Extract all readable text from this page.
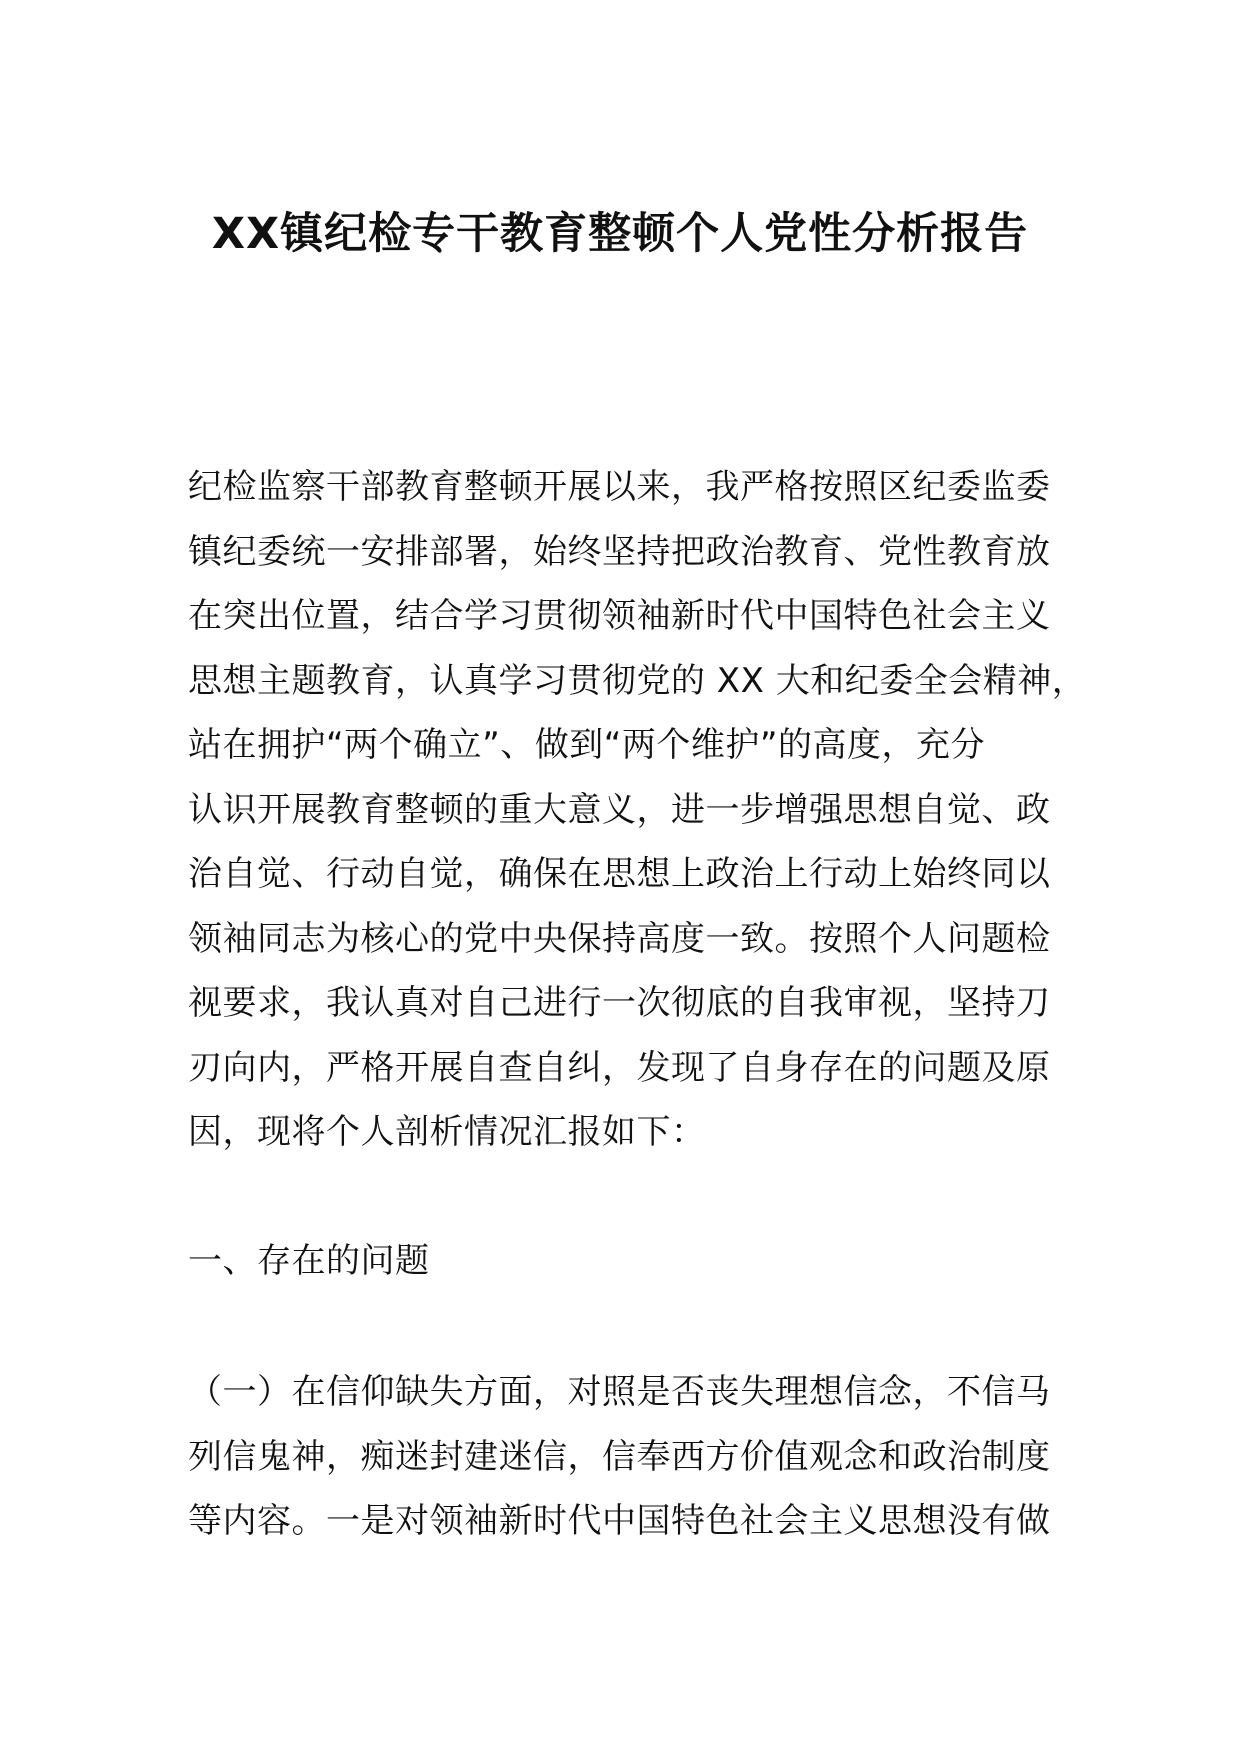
XX镇纪检专干教育整顿个人党性分析报告
纪检监察干部教育整顿开展以来，我严格按照区纪委监委
镇纪委统一安排部署，始终坚持把政治教育、党性教育放
在突出位置，结合学习贯彻领袖新时代中国特色社会主义
思想主题教育，认真学习贯彻党的 XX 大和纪委全会精神，
站在拥护“两个确立”、做到“两个维护”的高度，充分
认识开展教育整顿的重大意义，进一步增强思想自觉、政
治自觉、行动自觉，确保在思想上政治上行动上始终同以
领袖同志为核心的党中央保持高度一致。按照个人问题检
视要求，我认真对自己进行一次彻底的自我审视，坚持刀
刃向内，严格开展自查自纠，发现了自身存在的问题及原
因，现将个人剖析情况汇报如下：
一、存在的问题
（一）在信仰缺失方面，对照是否丧失理想信念，不信马
列信鬼神，痴迷封建迷信，信奉西方价值观念和政治制度
等内容。一是对领袖新时代中国特色社会主义思想没有做
